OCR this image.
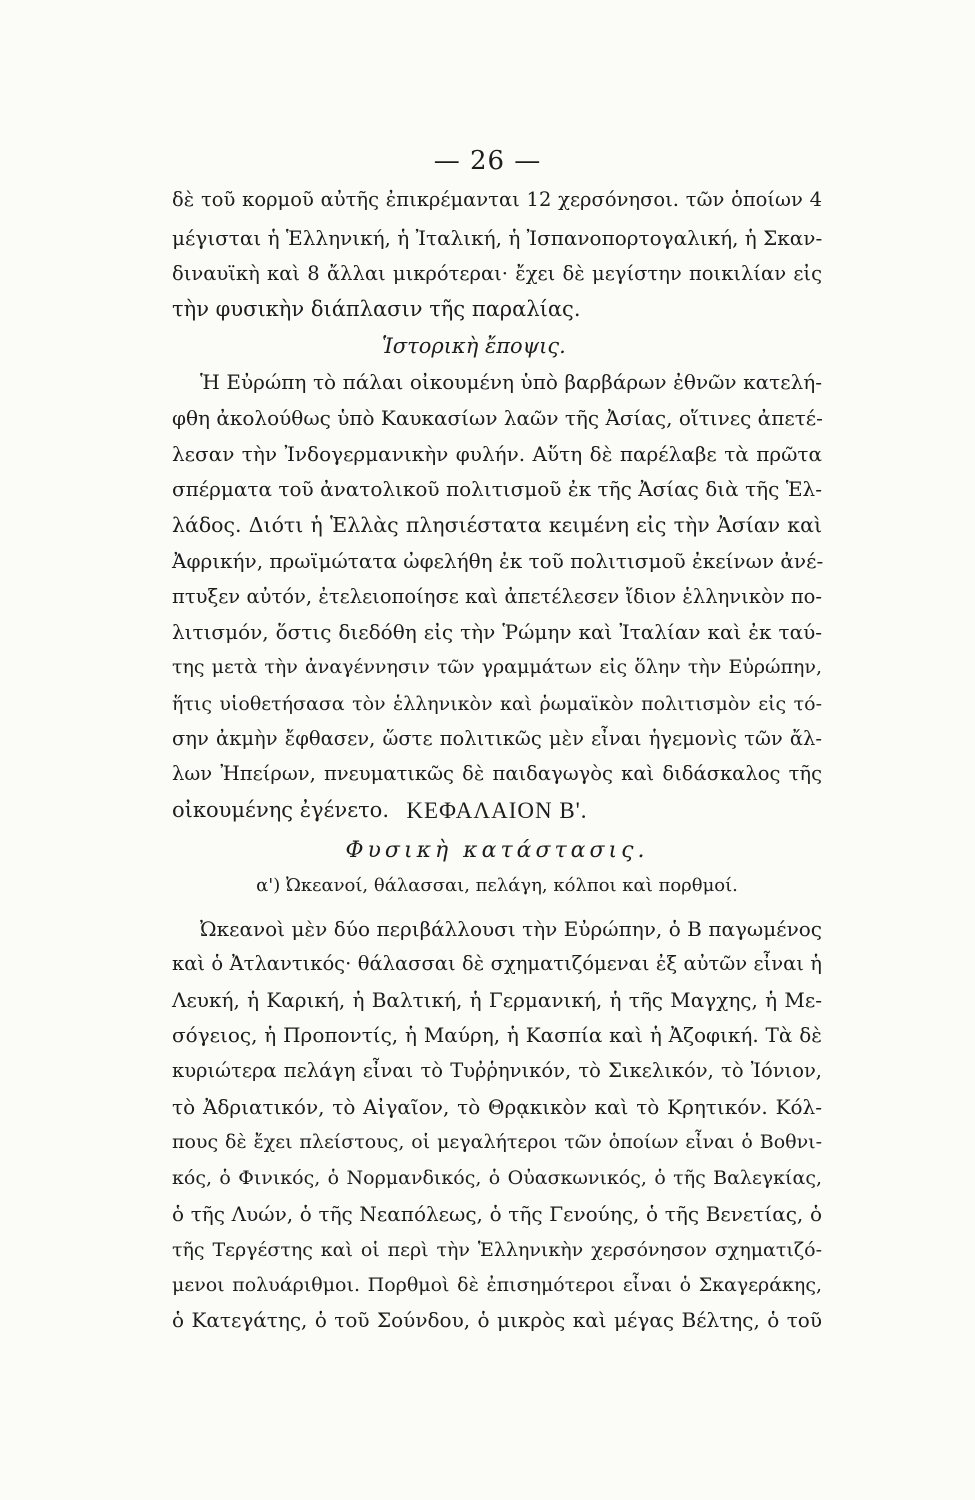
— 26 —
δὲ τοῦ κορμοῦ αὐτῆς ἐπικρέμανται 12 χερσόνησοι. τῶν ὁποίων 4
μέγισται ἡ Ἑλληνική, ἡ Ἰταλική, ἡ Ἰσπανοπορτογαλική, ἡ Σκαν-
διναυϊκὴ καὶ 8 ἄλλαι μικρότεραι· ἔχει δὲ μεγίστην ποικιλίαν εἰς
τὴν φυσικὴν διάπλασιν τῆς παραλίας.
Ἱστορικὴ ἔποψις.
Ἡ Εὐρώπη τὸ πάλαι οἰκουμένη ὑπὸ βαρβάρων ἐθνῶν κατελή-
φθη ἀκολούθως ὑπὸ Καυκασίων λαῶν τῆς Ἀσίας, οἵτινες ἀπετέ-
λεσαν τὴν Ἰνδογερμανικὴν φυλήν. Αὕτη δὲ παρέλαβε τὰ πρῶτα
σπέρματα τοῦ ἀνατολικοῦ πολιτισμοῦ ἐκ τῆς Ἀσίας διὰ τῆς Ἑλ-
λάδος. Διότι ἡ Ἑλλὰς πλησιέστατα κειμένη εἰς τὴν Ἀσίαν καὶ
Ἀφρικήν, πρωϊμώτατα ὠφελήθη ἐκ τοῦ πολιτισμοῦ ἐκείνων ἀνέ-
πτυξεν αὐτόν, ἐτελειοποίησε καὶ ἀπετέλεσεν ἴδιον ἑλληνικὸν πο-
λιτισμόν, ὅστις διεδόθη εἰς τὴν Ῥώμην καὶ Ἰταλίαν καὶ ἐκ ταύ-
της μετὰ τὴν ἀναγέννησιν τῶν γραμμάτων εἰς ὅλην τὴν Εὐρώπην,
ἥτις υἱοθετήσασα τὸν ἑλληνικὸν καὶ ῥωμαϊκὸν πολιτισμὸν εἰς τό-
σην ἀκμὴν ἔφθασεν, ὥστε πολιτικῶς μὲν εἶναι ἡγεμονὶς τῶν ἄλ-
λων Ἠπείρων, πνευματικῶς δὲ παιδαγωγὸς καὶ διδάσκαλος τῆς
οἰκουμένης ἐγένετο. ΚΕΦΑΛΑΙΟΝ Β'.
Φυσικὴ κατάστασις.
α') Ὠκεανοί, θάλασσαι, πελάγη, κόλποι καὶ πορθμοί.
Ὠκεανοὶ μὲν δύο περιβάλλουσι τὴν Εὐρώπην, ὁ Β παγωμένος
καὶ ὁ Ἀτλαντικός· θάλασσαι δὲ σχηματιζόμεναι ἐξ αὐτῶν εἶναι ἡ
Λευκή, ἡ Καρική, ἡ Βαλτική, ἡ Γερμανική, ἡ τῆς Μαγχης, ἡ Με-
σόγειος, ἡ Προποντίς, ἡ Μαύρη, ἡ Κασπία καὶ ἡ Ἀζοφική. Τὰ δὲ
κυριώτερα πελάγη εἶναι τὸ Τυῤῥηνικόν, τὸ Σικελικόν, τὸ Ἰόνιον,
τὸ Ἀδριατικόν, τὸ Αἰγαῖον, τὸ Θρᾳκικὸν καὶ τὸ Κρητικόν. Κόλ-
πους δὲ ἔχει πλείστους, οἱ μεγαλήτεροι τῶν ὁποίων εἶναι ὁ Βοθνι-
κός, ὁ Φινικός, ὁ Νορμανδικός, ὁ Οὐασκωνικός, ὁ τῆς Βαλεγκίας,
ὁ τῆς Λυών, ὁ τῆς Νεαπόλεως, ὁ τῆς Γενούης, ὁ τῆς Βενετίας, ὁ
τῆς Τεργέστης καὶ οἱ περὶ τὴν Ἑλληνικὴν χερσόνησον σχηματιζό-
μενοι πολυάριθμοι. Πορθμοὶ δὲ ἐπισημότεροι εἶναι ὁ Σκαγεράκης,
ὁ Κατεγάτης, ὁ τοῦ Σούνδου, ὁ μικρὸς καὶ μέγας Βέλτης, ὁ τοῦ
